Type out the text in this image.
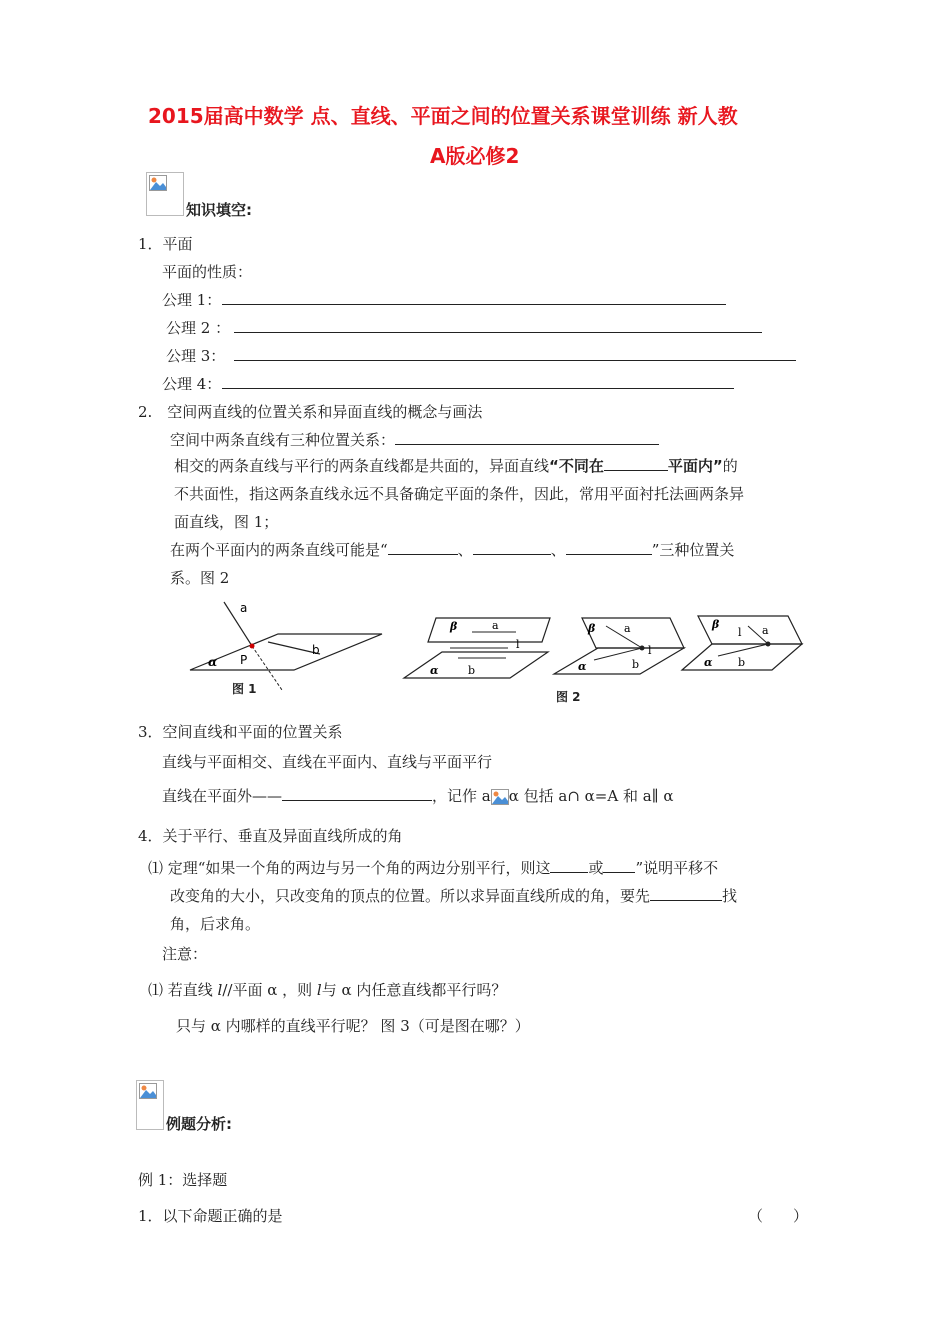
2015届高中数学 点、直线、平面之间的位置关系课堂训练 新人教
A版必修2
知识填空:
1．平面
平面的性质：
公理 1：
公理 2 ：
公理 3：
公理 4：
2.　空间两直线的位置关系和异面直线的概念与画法
空间中两条直线有三种位置关系：
相交的两条直线与平行的两条直线都是共面的，异面直线“不同在	平面内”的
不共面性，指这两条直线永远不具备确定平面的条件，因此，常用平面衬托法画两条异
面直线，图 1；
在两个平面内的两条直线可能是“	、	、	”三种位置关
系。图 2
a
b
P
α
图 1
β	a
l
α	b
β	a
l
α	b
β
l a
α b
图 2
3．空间直线和平面的位置关系
直线与平面相交、直线在平面内、直线与平面平行
直线在平面外——	，记作 a α 包括 a∩ α=A 和 a∥ α
4．关于平行、垂直及异面直线所成的角
⑴ 定理“如果一个角的两边与另一个角的两边分别平行，则这	或 ”说明平移不
改变角的大小，只改变角的顶点的位置。所以求异面直线所成的角，要先	找
角，后求角。
注意：
⑴ 若直线 l//平面 α ，则 l与 α 内任意直线都平行吗？
只与 α 内哪样的直线平行呢？ 图 3（可是图在哪？）
例题分析:
例 1：选择题
1．以下命题正确的是	（　　）
